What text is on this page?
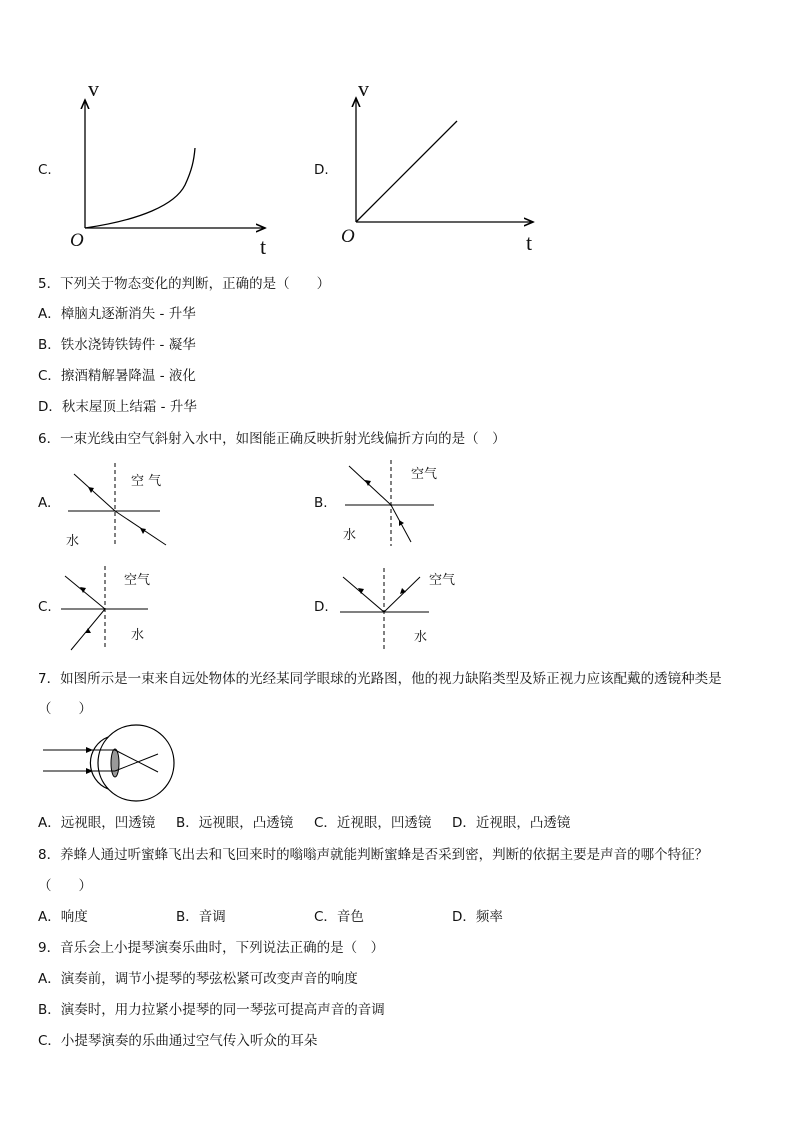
C.
v
t
O
D.
v
t
O
5．下列关于物态变化的判断，正确的是（　　）
A．樟脑丸逐渐消失 - 升华
B．铁水浇铸铁铸件 - 凝华
C．擦酒精解暑降温 - 液化
D．秋末屋顶上结霜 - 升华
6．一束光线由空气斜射入水中，如图能正确反映折射光线偏折方向的是（　）
A.
空 气
水
B.
空气
水
C.
空气
水
D.
空气
水
7．如图所示是一束来自远处物体的光经某同学眼球的光路图，他的视力缺陷类型及矫正视力应该配戴的透镜种类是
（　　）
A．远视眼，凹透镜 B．远视眼，凸透镜 C．近视眼，凹透镜 D．近视眼，凸透镜
8．养蜂人通过听蜜蜂飞出去和飞回来时的嗡嗡声就能判断蜜蜂是否采到密，判断的依据主要是声音的哪个特征？
（　　）
A．响度	B．音调	C．音色	D．频率
9．音乐会上小提琴演奏乐曲时，下列说法正确的是（　）
A．演奏前，调节小提琴的琴弦松紧可改变声音的响度
B．演奏时，用力拉紧小提琴的同一琴弦可提高声音的音调
C．小提琴演奏的乐曲通过空气传入听众的耳朵
